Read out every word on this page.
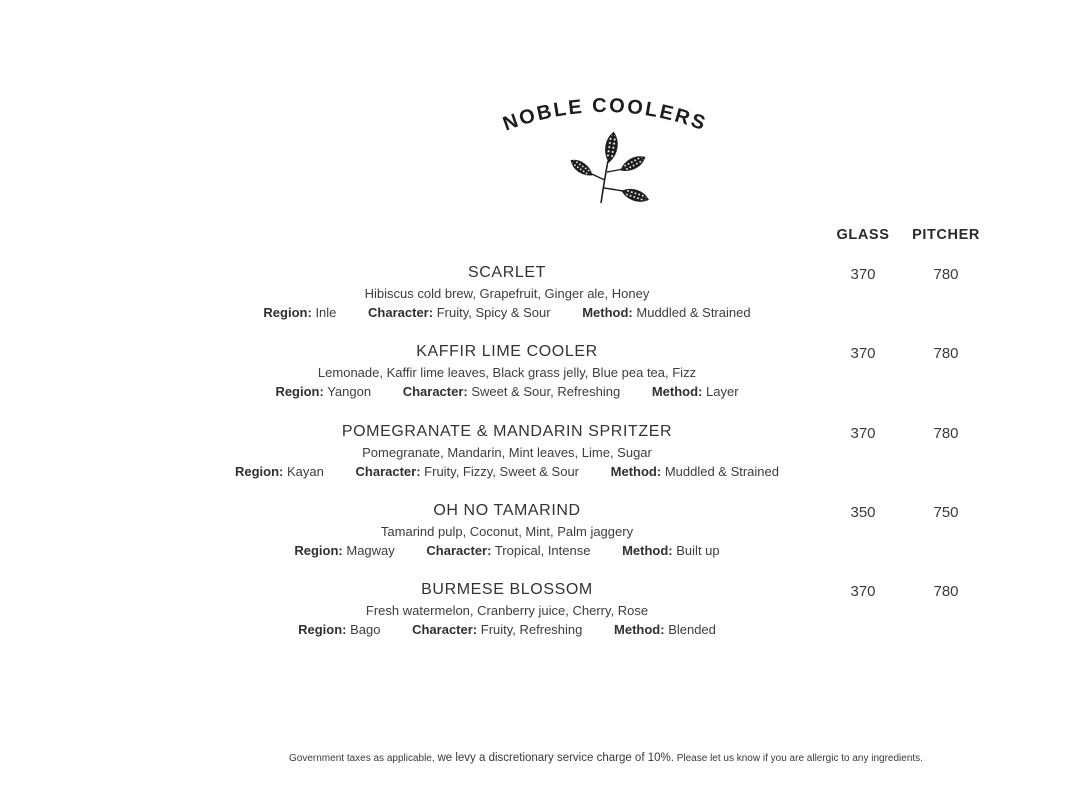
NOBLE COOLERS
GLASS	PITCHER
SCARLET
Hibiscus cold brew, Grapefruit, Ginger ale, Honey
Region: Inle Character: Fruity, Spicy & Sour Method: Muddled & Strained
370	780
KAFFIR LIME COOLER
Lemonade, Kaffir lime leaves, Black grass jelly, Blue pea tea, Fizz
Region: Yangon Character: Sweet & Sour, Refreshing Method: Layer
370	780
POMEGRANATE & MANDARIN SPRITZER
Pomegranate, Mandarin, Mint leaves, Lime, Sugar
Region: Kayan Character: Fruity, Fizzy, Sweet & Sour Method: Muddled & Strained
370	780
OH NO TAMARIND
Tamarind pulp, Coconut, Mint, Palm jaggery
Region: Magway Character: Tropical, Intense Method: Built up
350	750
BURMESE BLOSSOM
Fresh watermelon, Cranberry juice, Cherry, Rose
Region: Bago Character: Fruity, Refreshing Method: Blended
370	780
Government taxes as applicable, we levy a discretionary service charge of 10%. Please let us know if you are allergic to any ingredients.
